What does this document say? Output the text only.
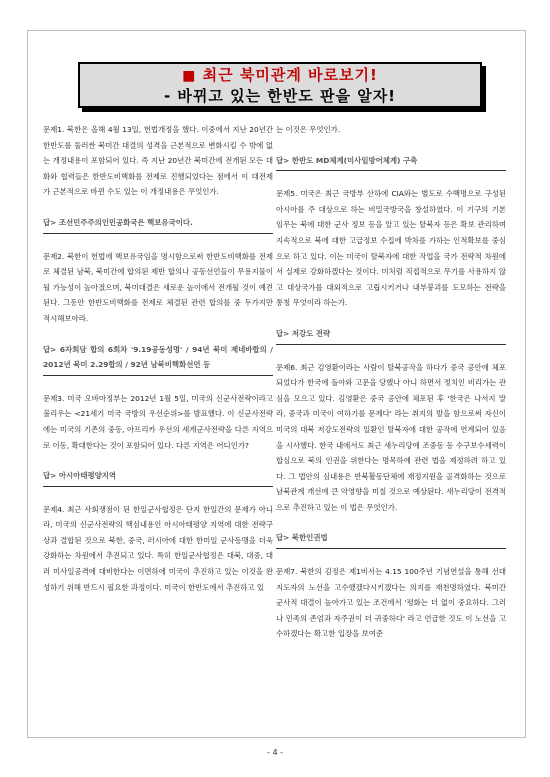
■ 최근 북미관계 바로보기!
- 바뀌고 있는 한반도 판을 알자!

문제1. 북한은 올해 4월 13일, 헌법개정을 했다. 이중에서 지난 20년간 한반도를 둘러싼 북미간 대결의 성격을 근본적으로 변화시킬 수 밖에 없는 개정내용이 포함되어 있다. 즉 지난 20년간 북미간에 전개된 모든 대화와 협력들은 한반도비핵화를 전제로 진행되었다는 점에서 이 대전제가 근본적으로 바뀐 수도 있는 이 개정내용은 무엇인가.

답> 조선민주주의인민공화국은 핵보유국이다.

문제2. 북한이 헌법에 핵보유국임을 명시함으로써 한반도비핵화를 전제로 체결된 남북, 북미간에 합의된 제반 합의나 공동선언들이 무용지물이 될 가능성이 높아졌으며, 북미대결은 새로운 높이에서 전개될 것이 예견된다. 그동안 한반도비핵화를 전제로 체결된 관련 합의를 중 두가지만 적시해보아라.

답> 6자회담 합의 6회차 '9.19공동성명' / 94년 북미 제네바합의 / 2012년 북미 2.29합의 / 92년 남북비핵화선언 등

문제3. 미국 오바마정부는 2012년 1월 5일, 미국의 신군사전략이라고 불리우는 <21세기 미국 국방의 우선순위>를 발표했다. 이 신군사전략에는 미국의 기존의 중동, 아프리카 우선의 세계군사전략을 다른 지역으로 이동, 확대한다는 것이 포함되어 있다. 다른 지역은 어디인가?

답> 아시아태평양지역

문제4. 최근 사회쟁점이 된 한일군사협정은 단지 한일간의 문제가 아니라, 미국의 신군사전략의 핵심내용인 아시아태평양 지역에 대한 전략구상과 결합된 것으로 북한, 중국, 러시아에 대한 한미일 군사동맹을 더욱 강화하는 차원에서 추진되고 있다. 특히 한일군사협정은 대북, 대중, 대러 미사일공격에 대비한다는 이면하에 미국이 추진하고 있는 이것을 완성하기 위해 반드시 필요한 과정이다. 미국이 한반도에서 추진하고 있

는 이것은 무엇인가.

답> 한반도 MD체계(미사일방어체계) 구축

문제5. 미국은 최근 국방부 산하에 CIA와는 별도로 수백명으로 구성된 아시아를 주 대상으로 하는 비밀국방국을 창설하였다. 이 기구의 기본 임무는 북에 대한 군사 정보 등을 알고 있는 탈북자 등은 확보 관리하며 지속적으로 북에 대한 고급정보 수집에 박차를 가하는 인적확보를 중심으로 하고 있다. 이는 미국이 탈북자에 대한 작업을 국가 전략적 차원에서 실제로 강화하겠다는 것이다. 미처럼 직접적으로 무기를 사용하지 않고 대상국가를 대외적으로 고립시키거나 내부붕괴를 도모하는 전략을 통칭 무엇이라 하는가.

답> 저강도 전략

문제6. 최근 김영환이라는 사람이 탈북공작을 하다가 중국 공안에 체포되었다가 한국에 돌아와 고문을 당했나 아니 하면서 정치인 비리가는 관심을 모으고 있다. 김영환은 중국 공안에 체포된 후 '한국은 나서지 말라, 중국과 미국이 여하기를 문제다' 라는 취지의 발을 함으로써 자신이 미국의 대북 저강도전략의 일환인 탈북자에 대한 공작에 연계되어 있음을 시사했다. 한국 내에서도 최근 새누리당에 조중동 등 수구보수세력이 합심으로 북의 인권을 위한다는 명목하에 관련 법을 제정하려 하고 있다. 그 법안의 심내용은 반북활동단체에 재정지원을 골격화하는 것으로 남북관계 개선에 큰 악영향을 미칠 것으로 예상된다. 새누리당이 전격적으로 추진하고 있는 이 법은 무엇인가.

답> 북한인권법

문제7. 북한의 김정은 제1비서는 4.15 100주년 기념연설을 통해 선대 지도자의 노선을 고수했겠다시키겠다는 의지를 재천명하였다. 북미간 군사적 대결이 높아가고 있는 조건에서 '평화는 더 없이 중요하다. 그러나 민족의 존엄과 자주권이 더 귀중하다' 라고 언급한 것도 이 노선을 고수하겠다는 확고한 입장을 보여준

- 4 -
